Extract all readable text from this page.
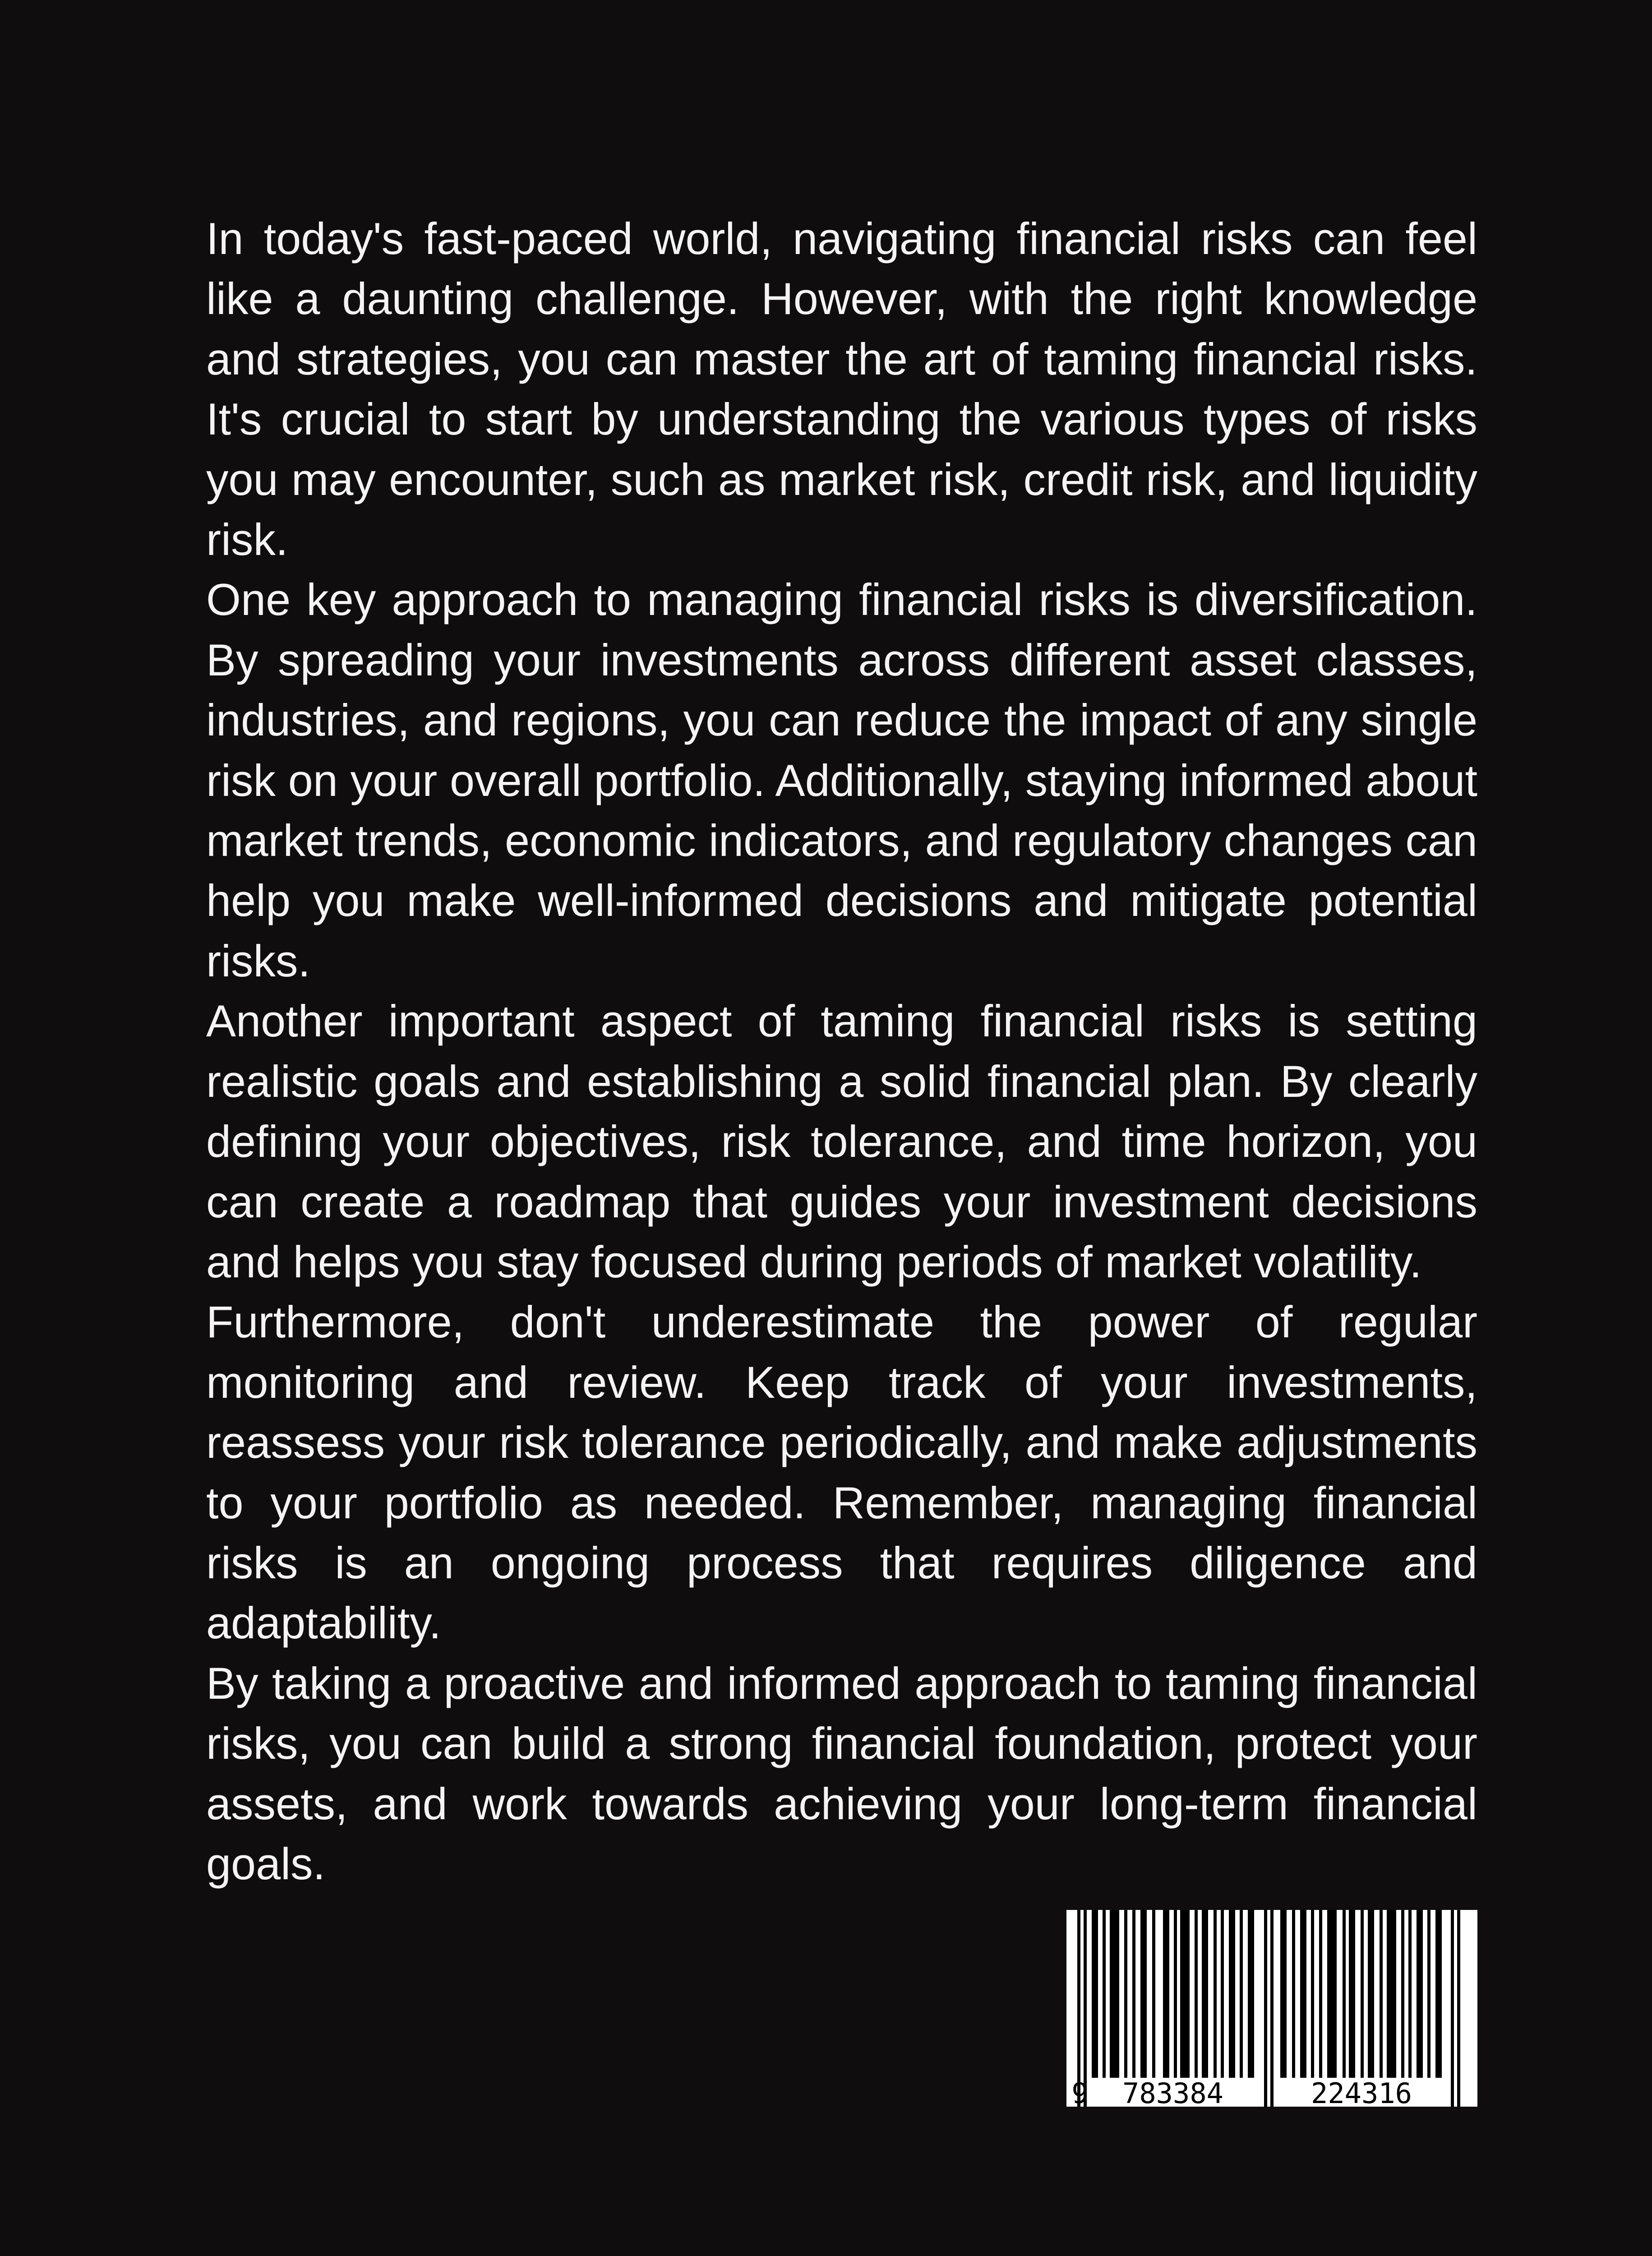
In today's fast-paced world, navigating financial risks can feel like a daunting challenge. However, with the right knowledge and strategies, you can master the art of taming financial risks. It's crucial to start by understanding the various types of risks you may encounter, such as market risk, credit risk, and liquidity risk.

One key approach to managing financial risks is diversification. By spreading your investments across different asset classes, industries, and regions, you can reduce the impact of any single risk on your overall portfolio. Additionally, staying informed about market trends, economic indicators, and regulatory changes can help you make well-informed decisions and mitigate potential risks.

Another important aspect of taming financial risks is setting realistic goals and establishing a solid financial plan. By clearly defining your objectives, risk tolerance, and time horizon, you can create a roadmap that guides your investment decisions and helps you stay focused during periods of market volatility.

Furthermore, don't underestimate the power of regular monitoring and review. Keep track of your investments, reassess your risk tolerance periodically, and make adjustments to your portfolio as needed. Remember, managing financial risks is an ongoing process that requires diligence and adaptability.

By taking a proactive and informed approach to taming financial risks, you can build a strong financial foundation, protect your assets, and work towards achieving your long-term financial goals.

9 783384	224316
